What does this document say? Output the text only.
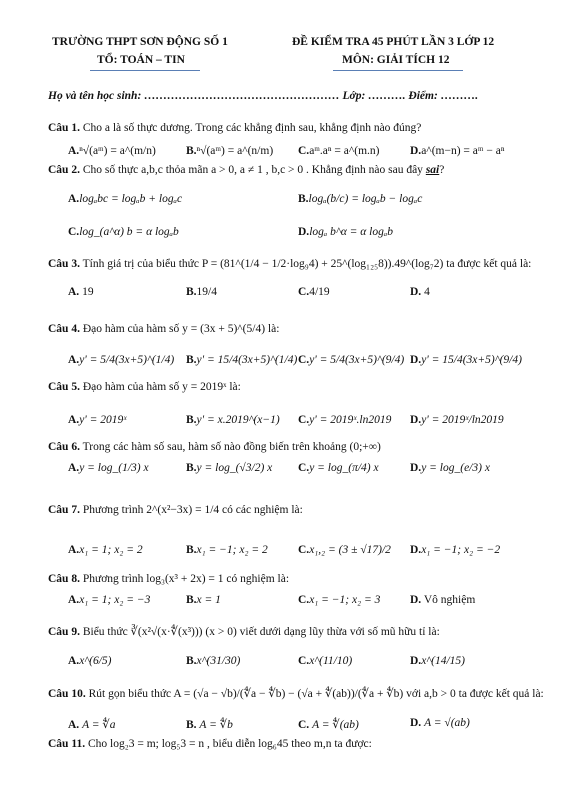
TRƯỜNG THPT SƠN ĐỘNG SỐ 1
TỔ: TOÁN – TIN
ĐỀ KIỂM TRA 45 PHÚT LẦN 3 LỚP 12
MÔN: GIẢI TÍCH 12
Họ và tên học sinh: …………………………………………… Lớp: ………. Điểm: ……….
Câu 1. Cho a là số thực dương. Trong các khẳng định sau, khẳng định nào đúng?
A.ⁿ√(aᵐ) = a^(m/n)	B.ⁿ√(aᵐ) = a^(n/m) C.aᵐ.aⁿ = a^(m.n)	D.a^(m−n) = aᵐ − aⁿ
Câu 2. Cho số thực a,b,c thỏa mãn a > 0, a ≠ 1 , b,c > 0 . Khẳng định nào sau đây sai?
A.logₐbc = logₐb + logₐc	B.logₐ(b/c) = logₐb − logₐc
C.log_(a^α) b = α logₐb	D.logₐ b^α = α logₐb
Câu 3. Tính giá trị của biểu thức P = (81^(1/4 − 1/2·log₉4) + 25^(log₁₂₅8)).49^(log₇2) ta được kết quả là:
A. 19	B.19/4	C.4/19	D. 4
Câu 4. Đạo hàm của hàm số y = (3x + 5)^(5/4) là:
A.y' = 5/4(3x+5)^(1/4) B.y' = 15/4(3x+5)^(1/4) C.y' = 5/4(3x+5)^(9/4) D.y' = 15/4(3x+5)^(9/4)
Câu 5. Đạo hàm của hàm số y = 2019ˣ là:
A.y' = 2019ˣ	B.y' = x.2019^(x−1) C.y' = 2019ˣ.ln2019 D.y' = 2019ˣ/ln2019
Câu 6. Trong các hàm số sau, hàm số nào đồng biến trên khoảng (0;+∞)
A.y = log_(1/3) x	B.y = log_(√3/2) x C.y = log_(π/4) x	D.y = log_(e/3) x
Câu 7. Phương trình 2^(x²−3x) = 1/4 có các nghiệm là:
A.x₁ = 1; x₂ = 2	B.x₁ = −1; x₂ = 2	C.x₁,₂ = (3 ± √17)/2 D.x₁ = −1; x₂ = −2
Câu 8. Phương trình log₃(x³ + 2x) = 1 có nghiệm là:
A.x₁ = 1; x₂ = −3	B.x = 1	C.x₁ = −1; x₂ = 3	D. Vô nghiệm
Câu 9. Biểu thức ∛(x²√(x·∜(x³))) (x > 0) viết dưới dạng lũy thừa với số mũ hữu tỉ là:
A.x^(6/5)	B.x^(31/30)	C.x^(11/10)	D.x^(14/15)
Câu 10. Rút gọn biểu thức A = (√a − √b)/(∜a − ∜b) − (√a + ∜(ab))/(∜a + ∜b) với a,b > 0 ta được kết quả là:
A. A = ∜a	B. A = ∜b	C. A = ∜(ab)	D. A = √(ab)
Câu 11. Cho log₂3 = m; log₅3 = n , biểu diễn log₆45 theo m,n ta được:
